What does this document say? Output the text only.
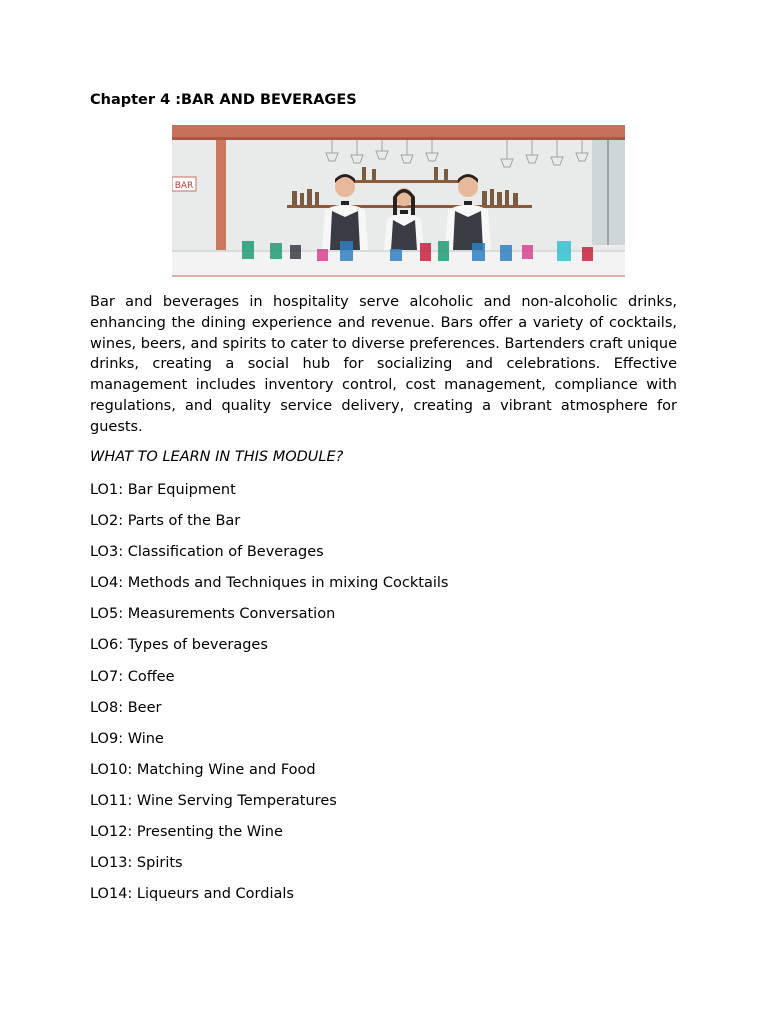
Chapter 4 :BAR AND BEVERAGES
BAR

Bar and beverages in hospitality serve alcoholic and non-alcoholic drinks, enhancing the dining experience and revenue. Bars offer a variety of cocktails, wines, beers, and spirits to cater to diverse preferences. Bartenders craft unique drinks, creating a social hub for socializing and celebrations. Effective management includes inventory control, cost management, compliance with regulations, and quality service delivery, creating a vibrant atmosphere for guests.

WHAT TO LEARN IN THIS MODULE?
LO1: Bar Equipment
LO2: Parts of the Bar
LO3: Classification of Beverages
LO4: Methods and Techniques in mixing Cocktails
LO5: Measurements Conversation
LO6: Types of beverages
LO7: Coffee
LO8: Beer
LO9: Wine
LO10: Matching Wine and Food
LO11: Wine Serving Temperatures
LO12: Presenting the Wine
LO13: Spirits
LO14: Liqueurs and Cordials
